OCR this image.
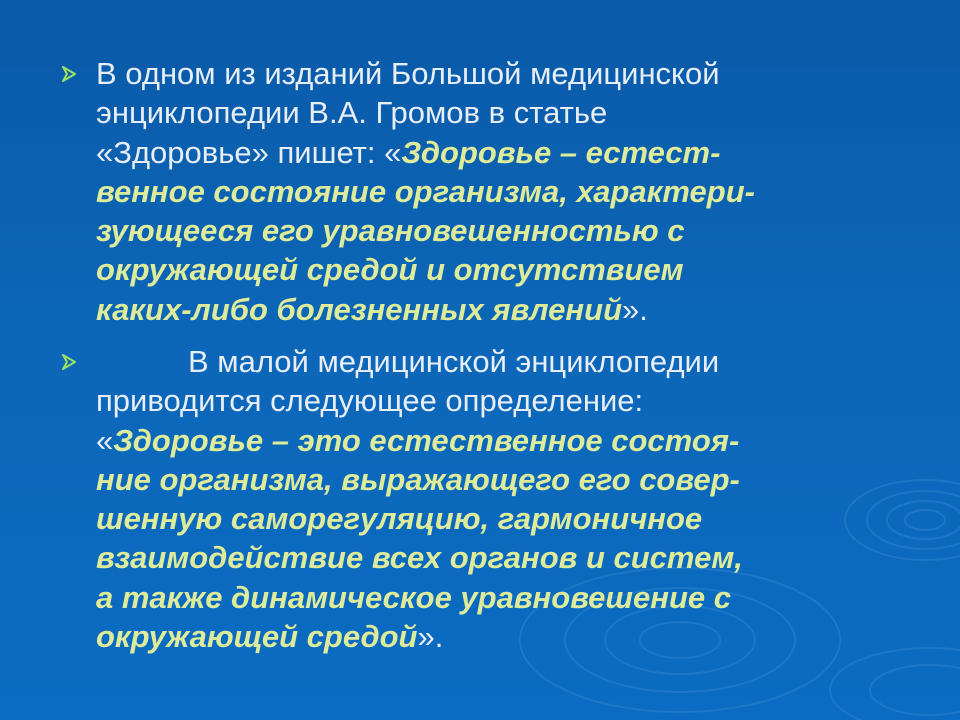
В одном из изданий Большой медицинской
энциклопедии В.А. Громов в статье
«Здоровье» пишет: «Здоровье – естест-
венное состояние организма, характери-
зующееся его уравновешенностью с
окружающей средой и отсутствием
каких-либо болезненных явлений».
В малой медицинской энциклопедии
приводится следующее определение:
«Здоровье – это естественное состоя-
ние организма, выражающего его совер-
шенную саморегуляцию, гармоничное
взаимодействие всех органов и систем,
а также динамическое уравновешение с
окружающей средой».
